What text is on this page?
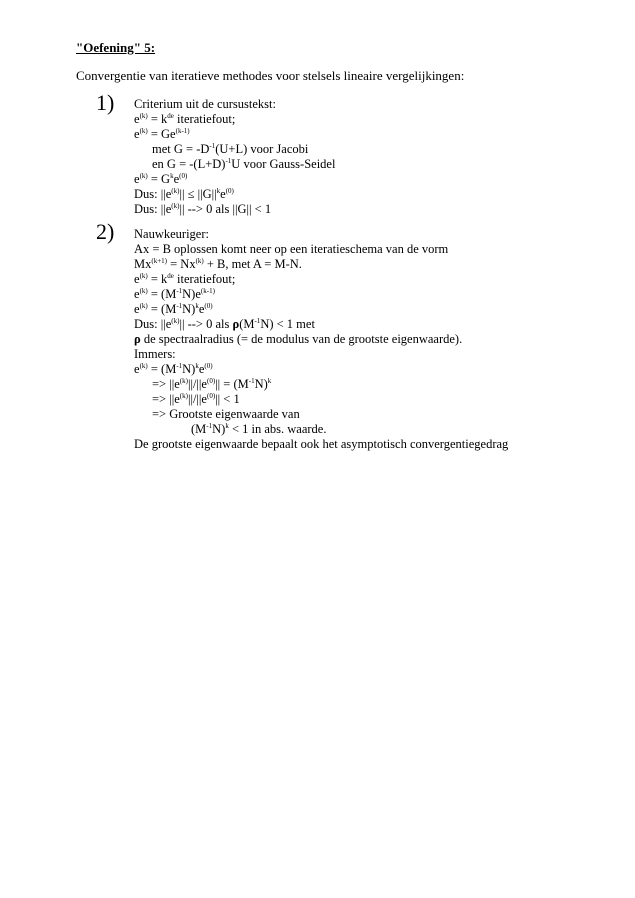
"Oefening" 5:
Convergentie van iteratieve methodes voor stelsels lineaire vergelijkingen:
1) Criterium uit de cursustekst:
$e^{(k)} = k^{de}$ iteratiefout;
$e^{(k)} = Ge^{(k-1)}$
met $G = -D^{-1}(U+L)$ voor Jacobi
en $G = -(L+D)^{-1}U$ voor Gauss-Seidel
$e^{(k)} = G^ke^{(0)}$
Dus: $||e^{(k)}|| \le ||G||^ke^{(0)}$
Dus: $||e^{(k)}||$ --> 0 als ||G|| < 1
2) Nauwkeuriger:
Ax = B oplossen komt neer op een iteratieschema van de vorm
$Mx^{(k+1)} = Nx^{(k)} + B$, met A = M-N.
$e^{(k)} = k^{de}$ iteratiefout;
$e^{(k)} = (M^{-1}N)e^{(k-1)}$
$e^{(k)} = (M^{-1}N)^ke^{(0)}$
Dus: $||e^{(k)}||$ --> 0 als $\rho(M^{-1}N) < 1$ met
ρ de spectraalradius (= de modulus van de grootste eigenwaarde).
Immers:
$e^{(k)} = (M^{-1}N)^ke^{(0)}$
=> $||e^{(k)}||/||e^{(0)}|| = (M^{-1}N)^k$
=> $||e^{(k)}||/||e^{(0)}|| < 1$
=> Grootste eigenwaarde van
$(M^{-1}N)^k < 1$ in abs. waarde.
De grootste eigenwaarde bepaalt ook het asymptotisch convergentiegedrag
